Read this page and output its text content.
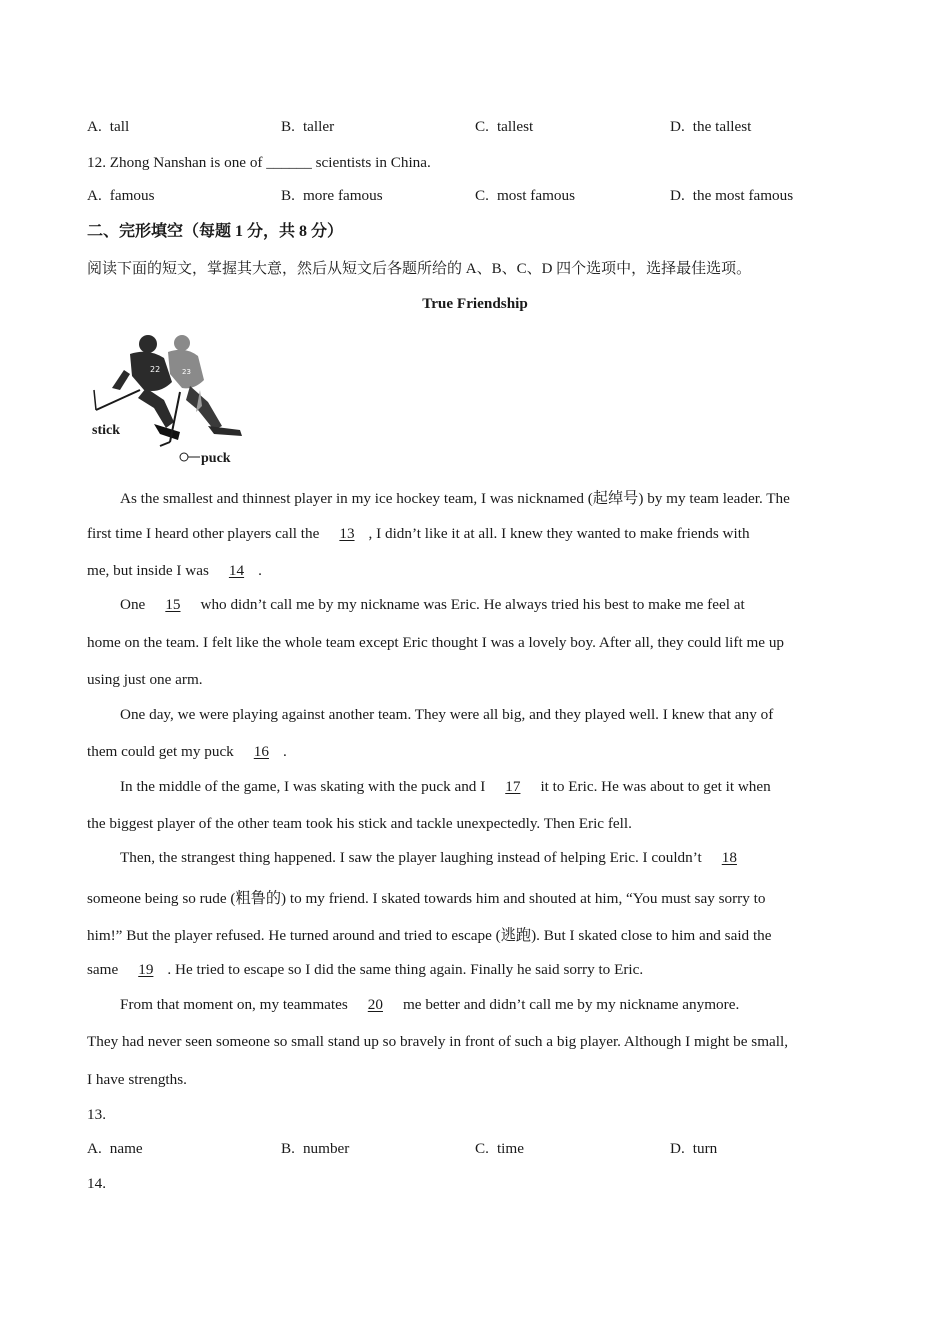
A. tall	B. taller	C. tallest	D. the tallest
12. Zhong Nanshan is one of ______ scientists in China.
A. famous	B. more famous	C. most famous	D. the most famous
二、完形填空（每题 1 分，共 8 分）
阅读下面的短文，掌握其大意，然后从短文后各题所给的 A、B、C、D 四个选项中，选择最佳选项。
True Friendship
22	23
23
stick
puck
As the smallest and thinnest player in my ice hockey team, I was nicknamed (起绰号) by my team leader. The
first time I heard other players call the 13 , I didn’t like it at all. I knew they wanted to make friends with
me, but inside I was 14 .
One 15 who didn’t call me by my nickname was Eric. He always tried his best to make me feel at
home on the team. I felt like the whole team except Eric thought I was a lovely boy. After all, they could lift me up
using just one arm.
One day, we were playing against another team. They were all big, and they played well. I knew that any of
them could get my puck 16 .
In the middle of the game, I was skating with the puck and I 17 it to Eric. He was about to get it when
the biggest player of the other team took his stick and tackle unexpectedly. Then Eric fell.
Then, the strangest thing happened. I saw the player laughing instead of helping Eric. I couldn’t 18
someone being so rude (粗鲁的) to my friend. I skated towards him and shouted at him, “You must say sorry to
him!” But the player refused. He turned around and tried to escape (逃跑). But I skated close to him and said the
same 19 . He tried to escape so I did the same thing again. Finally he said sorry to Eric.
From that moment on, my teammates 20 me better and didn’t call me by my nickname anymore.
They had never seen someone so small stand up so bravely in front of such a big player. Although I might be small,
I have strengths.
13.
A. name	B. number	C. time	D. turn
14.
